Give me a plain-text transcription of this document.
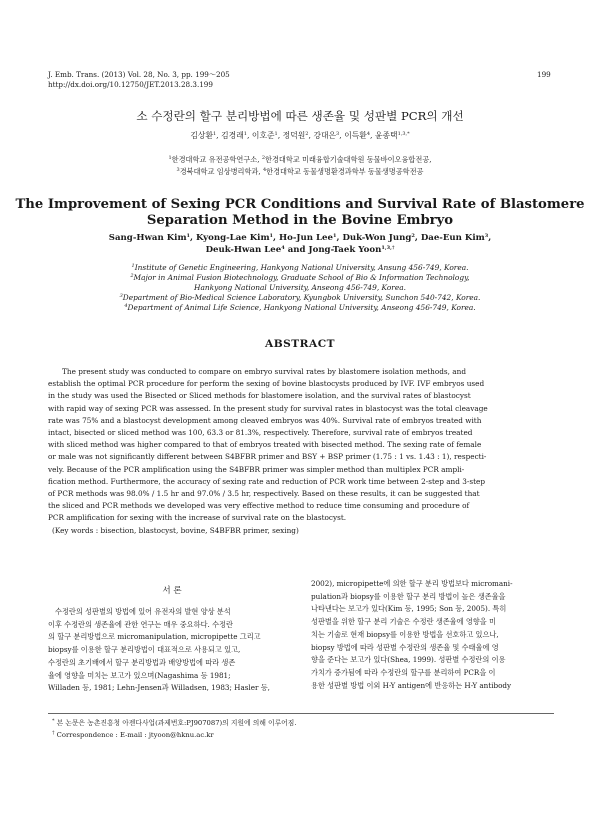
J. Emb. Trans. (2013) Vol. 28, No. 3, pp. 199～205
http://dx.doi.org/10.12750/JET.2013.28.3.199
199
소 수정란의 할구 분리방법에 따른 생존율 및 성판별 PCR의 개선
김상환$^1$, 김경래$^1$, 이호준$^1$, 정덕원$^2$, 강대은$^3$, 이득환$^4$, 윤종택$^{1,3,*}$
$^1$한경대학교 유전공학연구소, $^2$한경대학교 미래융합기술대학원 동물바이오융합전공,
$^3$경북대학교 임상병리학과, $^4$한경대학교 동물생명환경과학부 동물생명공학전공
The Improvement of Sexing PCR Conditions and Survival Rate of Blastomere
Separation Method in the Bovine Embryo
Sang-Hwan Kim$^1$, Kyong-Lae Kim$^1$, Ho-Jun Lee$^1$, Duk-Won Jung$^2$, Dae-Eun Kim$^3$,
Deuk-Hwan Lee$^4$ and Jong-Taek Yoon$^{1,3,\dagger}$
$^1$Institute of Genetic Engineering, Hankyong National University, Ansung 456-749, Korea.
$^2$Major in Animal Fusion Biotechnology, Graduate School of Bio & Information Technology,
Hankyong National University, Anseong 456-749, Korea.
$^3$Department of Bio-Medical Science Laboratory, Kyungbok University, Sunchon 540-742, Korea.
$^4$Department of Animal Life Science, Hankyong National University, Anseong 456-749, Korea.
ABSTRACT
The present study was conducted to compare on embryo survival rates by blastomere isolation methods, and
establish the optimal PCR procedure for perform the sexing of bovine blastocysts produced by IVF. IVF embryos used
in the study was used the Bisected or Sliced methods for blastomere isolation, and the survival rates of blastocyst
with rapid way of sexing PCR was assessed. In the present study for survival rates in blastocyst was the total cleavage
rate was 75% and a blastocyst development among cleaved embryos was 40%. Survival rate of embryos treated with
intact, bisected or sliced method was 100, 63.3 or 81.3%, respectively. Therefore, survival rate of embryos treated
with sliced method was higher compared to that of embryos treated with bisected method. The sexing rate of female
or male was not significantly different between S4BFBR primer and BSY + BSP primer (1.75 : 1 vs. 1.43 : 1), respecti-
vely. Because of the PCR amplification using the S4BFBR primer was simpler method than multiplex PCR ampli-
fication method. Furthermore, the accuracy of sexing rate and reduction of PCR work time between 2-step and 3-step
of PCR methods was 98.0% / 1.5 hr and 97.0% / 3.5 hr, respectively. Based on these results, it can be suggested that
the sliced and PCR methods we developed was very effective method to reduce time consuming and procedure of
PCR amplification for sexing with the increase of survival rate on the blastocyst.
(Key words : bisection, blastocyst, bovine, S4BFBR primer, sexing)
서 론
수정란의 성판별의 방법에 있어 유전자의 발현 양상 분석
이후 수정란의 생존율에 관한 연구는 매우 중요하다. 수정란
의 할구 분리방법으로 micromanipulation, micropipette 그리고
biopsy를 이용한 할구 분리방법이 대표적으로 사용되고 있고,
수정란의 초기배에서 할구 분리방법과 배양방법에 따라 생존
율에 영향을 미치는 보고가 있으며(Nagashima 등 1981;
Willaden 등, 1981; Lehn-Jensen과 Willadsen, 1983; Hasler 등,
2002), micropipette에 의한 할구 분리 방법보다 micromani-
pulation과 biopsy를 이용한 할구 분리 방법이 높은 생존율을
나타낸다는 보고가 있다(Kim 등, 1995; Son 등, 2005). 특히
성판별을 위한 할구 분리 기술은 수정란 생존율에 영향을 미
치는 기술로 현재 biopsy를 이용한 방법을 선호하고 있으나,
biopsy 방법에 따라 성판별 수정란의 생존율 및 수태율에 영
향을 준다는 보고가 있다(Shea, 1999). 성판별 수정란의 이용
가치가 증가됨에 따라 수정란의 할구를 분리하여 PCR을 이
용한 성판별 방법 이외 H-Y antigen에 반응하는 H-Y antibody
* 본 논문은 농촌진흥청 아젠다사업(과제번호:PJ907087)의 지원에 의해 이루어짐.
† Correspondence : E-mail : jtyoon@hknu.ac.kr
